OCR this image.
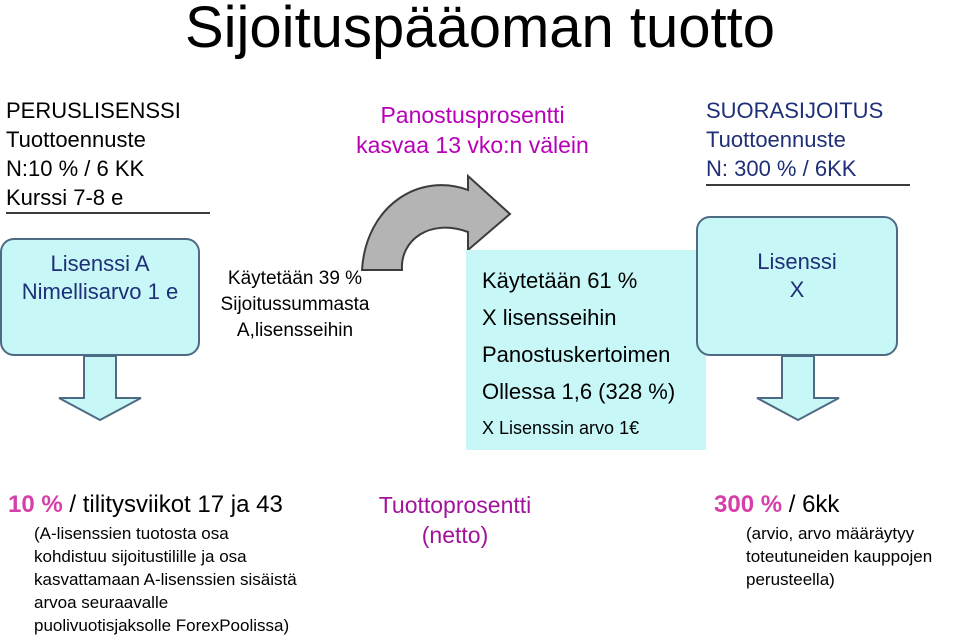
Sijoituspääoman tuotto
PERUSLISENSSI
Tuottoennuste
N:10 % / 6 KK
Kurssi 7-8 e
Panostusprosentti
kasvaa 13 vko:n välein
SUORASIJOITUS
Tuottoennuste
N: 300 % / 6KK
Lisenssi A
Nimellisarvo 1 e
Käytetään 39 %
Sijoitussummasta
A,lisensseihin
Käytetään 61 %
X lisensseihin
Panostuskertoimen
Ollessa 1,6 (328 %)
X Lisenssin arvo 1€
Lisenssi
X
10 % / tilitysviikot 17 ja 43
(A-lisenssien tuotosta osa
kohdistuu sijoitustilille ja osa
kasvattamaan A-lisenssien sisäistä
arvoa seuraavalle
puolivuotisjaksolle ForexPoolissa)
Tuottoprosentti
(netto)
300 % / 6kk
(arvio, arvo määräytyy
toteutuneiden kauppojen
perusteella)
